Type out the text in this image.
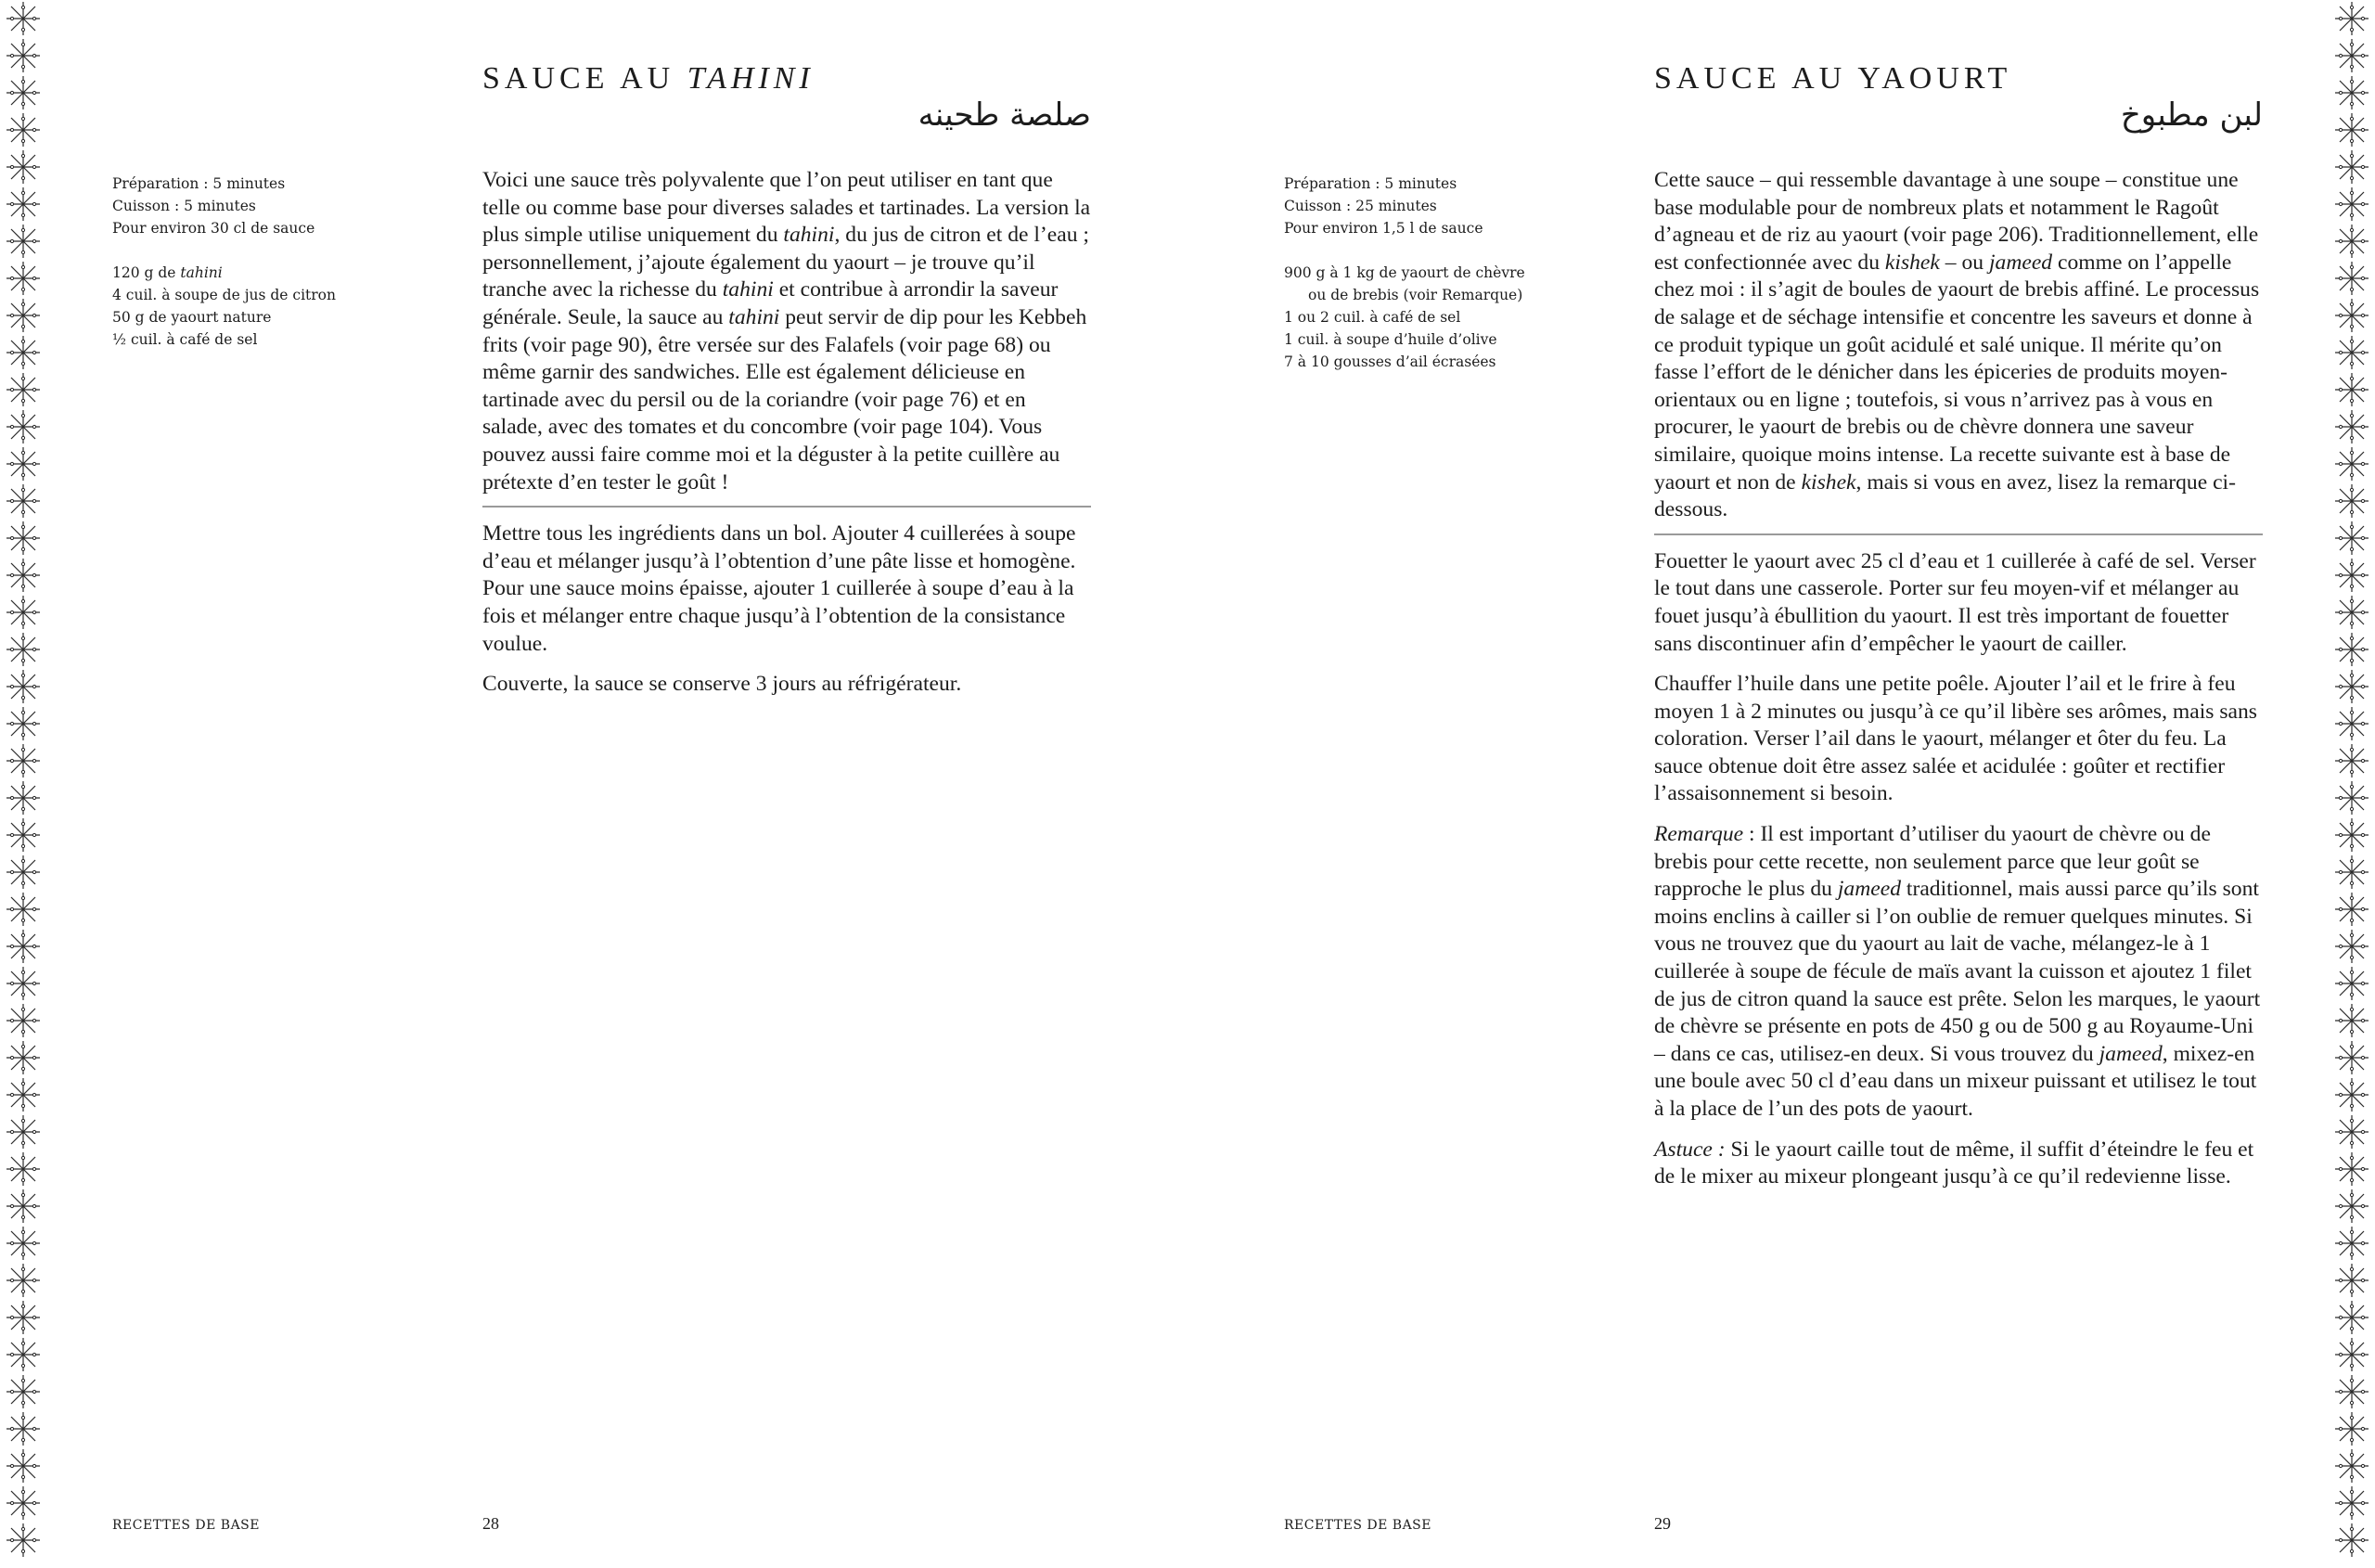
SAUCE AU TAHINI
صلصة طحينه

Préparation : 5 minutes

Cuisson : 5 minutes

Pour environ 30 cl de sauce

120 g de tahini

4 cuil. à soupe de jus de citron

50 g de yaourt nature

½ cuil. à café de sel

Voici une sauce très polyvalente que l’on peut utiliser en tant que telle ou comme base pour diverses salades et tartinades. La version la plus simple utilise uniquement du tahini, du jus de citron et de l’eau ; personnellement, j’ajoute également du yaourt – je trouve qu’il tranche avec la richesse du tahini et contribue à arrondir la saveur générale. Seule, la sauce au tahini peut servir de dip pour les Kebbeh frits (voir page 90), être versée sur des Falafels (voir page 68) ou même garnir des sandwiches. Elle est également délicieuse en tartinade avec du persil ou de la coriandre (voir page 76) et en salade, avec des tomates et du concombre (voir page 104). Vous pouvez aussi faire comme moi et la déguster à la petite cuillère au prétexte d’en tester le goût !

Mettre tous les ingrédients dans un bol. Ajouter 4 cuillerées à soupe d’eau et mélanger jusqu’à l’obtention d’une pâte lisse et homogène. Pour une sauce moins épaisse, ajouter 1 cuillerée à soupe d’eau à la fois et mélanger entre chaque jusqu’à l’obtention de la consistance voulue.

Couverte, la sauce se conserve 3 jours au réfrigérateur.

RECETTES DE BASE	28
SAUCE AU YAOURT
لبن مطبوخ

Préparation : 5 minutes

Cuisson : 25 minutes

Pour environ 1,5 l de sauce

900 g à 1 kg de yaourt de chèvre

ou de brebis (voir Remarque)

1 ou 2 cuil. à café de sel

1 cuil. à soupe d’huile d’olive

7 à 10 gousses d’ail écrasées

Cette sauce – qui ressemble davantage à une soupe – constitue une base modulable pour de nombreux plats et notamment le Ragoût d’agneau et de riz au yaourt (voir page 206). Traditionnellement, elle est confectionnée avec du kishek – ou jameed comme on l’appelle chez moi : il s’agit de boules de yaourt de brebis affiné. Le processus de salage et de séchage intensifie et concentre les saveurs et donne à ce produit typique un goût acidulé et salé unique. Il mérite qu’on fasse l’effort de le dénicher dans les épiceries de produits moyen-orientaux ou en ligne ; toutefois, si vous n’arrivez pas à vous en procurer, le yaourt de brebis ou de chèvre donnera une saveur similaire, quoique moins intense. La recette suivante est à base de yaourt et non de kishek, mais si vous en avez, lisez la remarque ci-dessous.

Fouetter le yaourt avec 25 cl d’eau et 1 cuillerée à café de sel. Verser le tout dans une casserole. Porter sur feu moyen-vif et mélanger au fouet jusqu’à ébullition du yaourt. Il est très important de fouetter sans discontinuer afin d’empêcher le yaourt de cailler.

Chauffer l’huile dans une petite poêle. Ajouter l’ail et le frire à feu moyen 1 à 2 minutes ou jusqu’à ce qu’il libère ses arômes, mais sans coloration. Verser l’ail dans le yaourt, mélanger et ôter du feu. La sauce obtenue doit être assez salée et acidulée : goûter et rectifier l’assaisonnement si besoin.

Remarque : Il est important d’utiliser du yaourt de chèvre ou de brebis pour cette recette, non seulement parce que leur goût se rapproche le plus du jameed traditionnel, mais aussi parce qu’ils sont moins enclins à cailler si l’on oublie de remuer quelques minutes. Si vous ne trouvez que du yaourt au lait de vache, mélangez-le à 1 cuillerée à soupe de fécule de maïs avant la cuisson et ajoutez 1 filet de jus de citron quand la sauce est prête. Selon les marques, le yaourt de chèvre se présente en pots de 450 g ou de 500 g au Royaume-Uni – dans ce cas, utilisez-en deux. Si vous trouvez du jameed, mixez-en une boule avec 50 cl d’eau dans un mixeur puissant et utilisez le tout à la place de l’un des pots de yaourt.

Astuce : Si le yaourt caille tout de même, il suffit d’éteindre le feu et de le mixer au mixeur plongeant jusqu’à ce qu’il redevienne lisse.

RECETTES DE BASE	29
